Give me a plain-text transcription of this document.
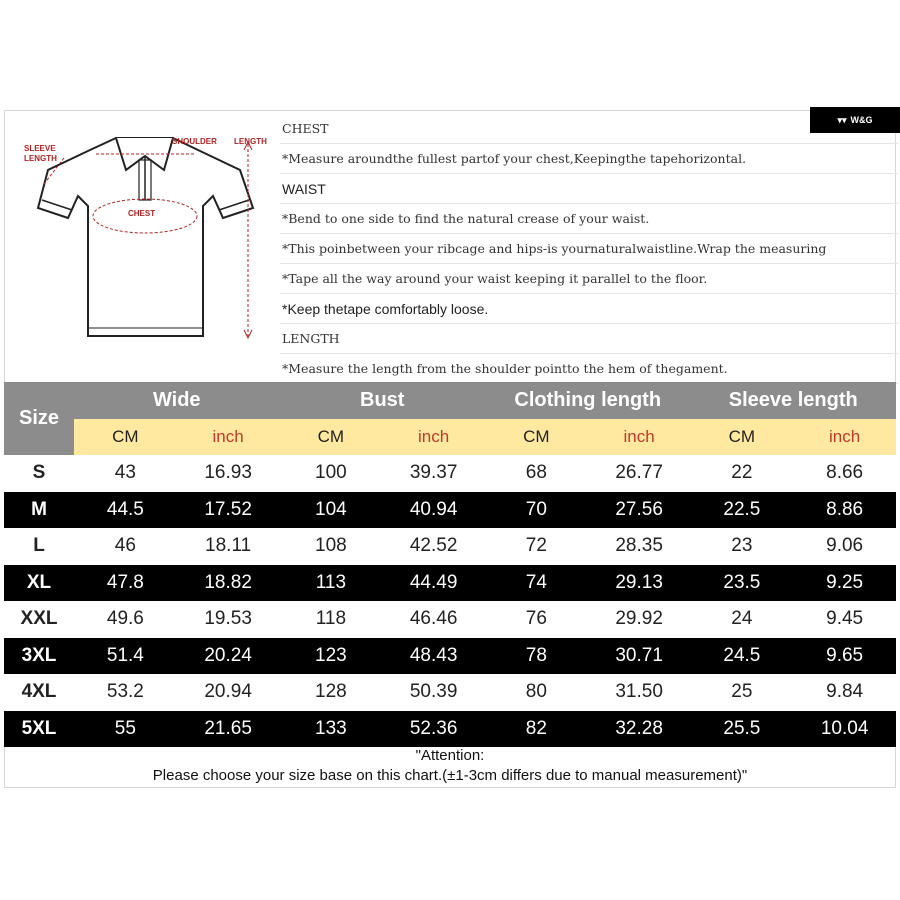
▾▾ W&G
SLEEVE
LENGTH
SHOULDER LENGTH
CHEST
CHEST
*Measure aroundthe fullest partof your chest,Keepingthe tapehorizontal.
WAIST
*Bend to one side to find the natural crease of your waist.
*This poinbetween your ribcage and hips-is yournaturalwaistline.Wrap the measuring
*Tape all the way around your waist keeping it parallel to the floor.
*Keep thetape comfortably loose.
LENGTH
*Measure the length from the shoulder pointto the hem of thegament.
Size	Wide		Bust		Clothing length		Sleeve length	
	CM	inch	CM	inch	CM	inch	CM	inch
S	43	16.93	100	39.37	68	26.77	22	8.66
M	44.5	17.52	104	40.94	70	27.56	22.5	8.86
L	46	18.11	108	42.52	72	28.35	23	9.06
XL	47.8	18.82	113	44.49	74	29.13	23.5	9.25
XXL	49.6	19.53	118	46.46	76	29.92	24	9.45
3XL	51.4	20.24	123	48.43	78	30.71	24.5	9.65
4XL	53.2	20.94	128	50.39	80	31.50	25	9.84
5XL	55	21.65	133	52.36	82	32.28	25.5	10.04
"Attention:
Please choose your size base on this chart.(±1-3cm differs due to manual measurement)"
